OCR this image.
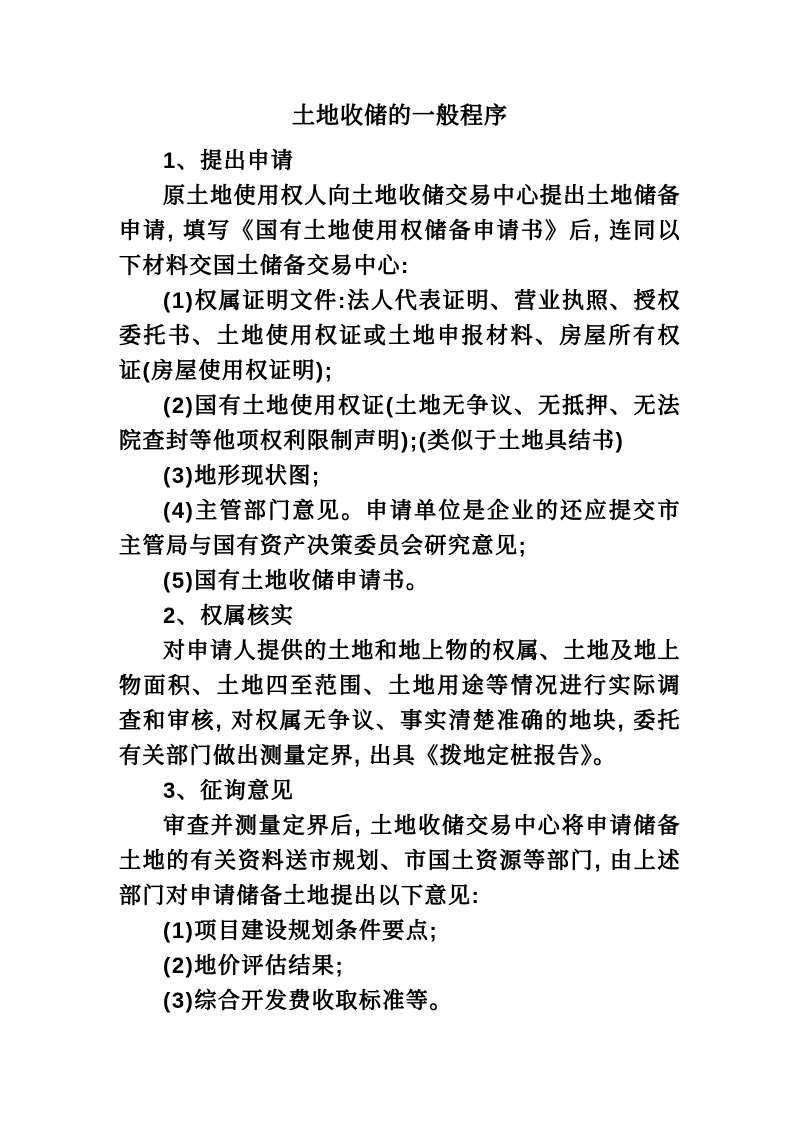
土地收储的一般程序

1、提出申请

原土地使用权人向土地收储交易中心提出土地储备申请, 填写《国有土地使用权储备申请书》后, 连同以下材料交国土储备交易中心:

(1)权属证明文件:法人代表证明、营业执照、授权委托书、土地使用权证或土地申报材料、房屋所有权证(房屋使用权证明);

(2)国有土地使用权证(土地无争议、无抵押、无法院查封等他项权利限制声明);(类似于土地具结书)

(3)地形现状图;

(4)主管部门意见。申请单位是企业的还应提交市主管局与国有资产决策委员会研究意见;

(5)国有土地收储申请书。

2、权属核实

对申请人提供的土地和地上物的权属、土地及地上物面积、土地四至范围、土地用途等情况进行实际调查和审核, 对权属无争议、事实清楚准确的地块, 委托有关部门做出测量定界, 出具《拨地定桩报告》。

3、征询意见

审查并测量定界后, 土地收储交易中心将申请储备土地的有关资料送市规划、市国土资源等部门, 由上述部门对申请储备土地提出以下意见:

(1)项目建设规划条件要点;

(2)地价评估结果;

(3)综合开发费收取标准等。
